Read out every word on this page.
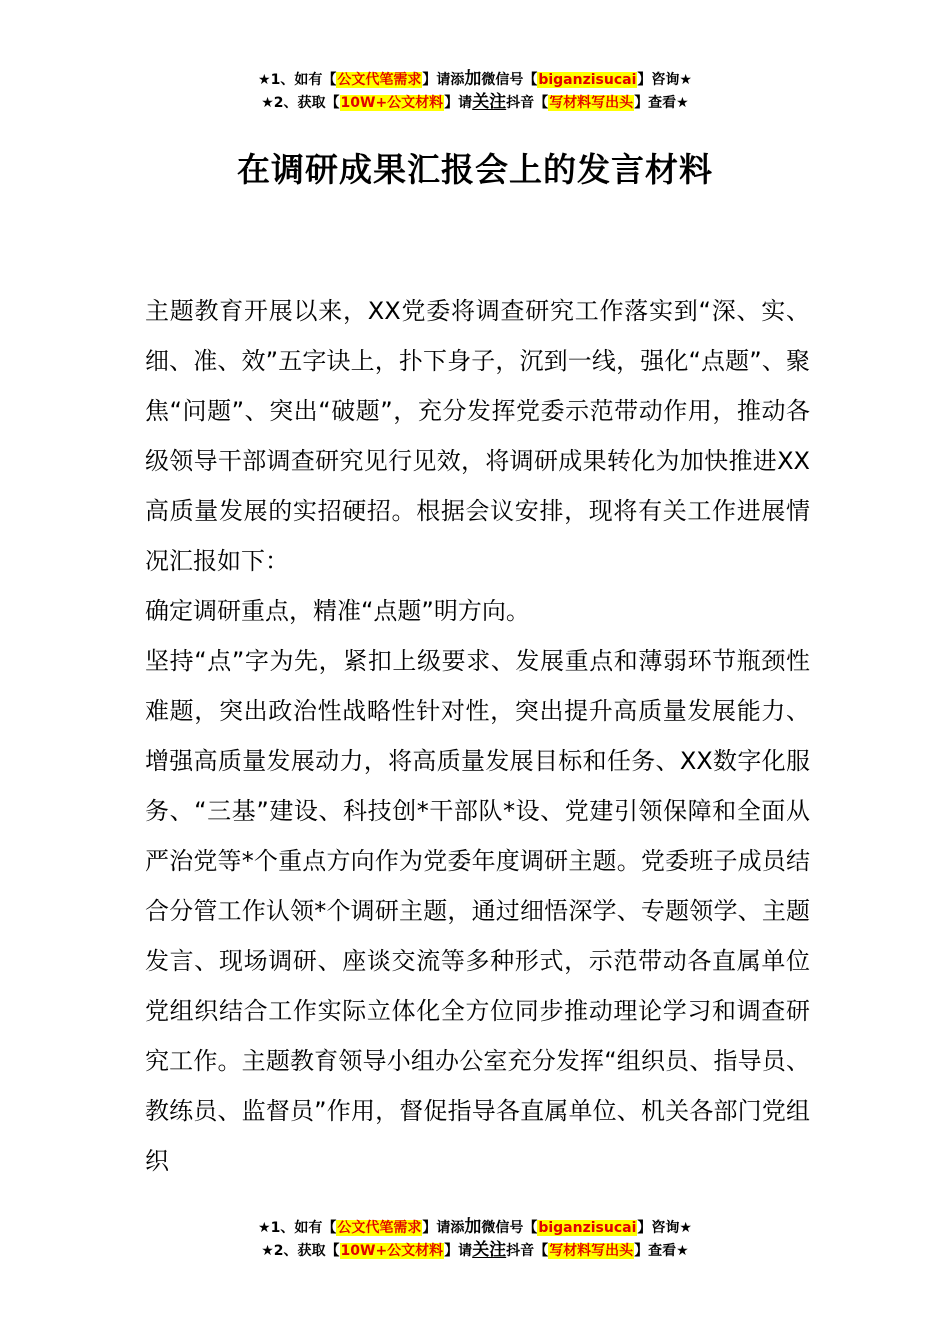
★1、如有【公文代笔需求】请添加微信号【biganzisucai】咨询★
★2、获取【10W+公文材料】请关注抖音【写材料写出头】查看★
在调研成果汇报会上的发言材料

主题教育开展以来，XX党委将调查研究工作落实到“深、实、细、准、效”五字诀上，扑下身子，沉到一线，强化“点题”、聚焦“问题”、突出“破题”，充分发挥党委示范带动作用，推动各级领导干部调查研究见行见效，将调研成果转化为加快推进XX高质量发展的实招硬招。根据会议安排，现将有关工作进展情况汇报如下：

确定调研重点，精准“点题”明方向。

坚持“点”字为先，紧扣上级要求、发展重点和薄弱环节瓶颈性难题，突出政治性战略性针对性，突出提升高质量发展能力、增强高质量发展动力，将高质量发展目标和任务、XX数字化服务、“三基”建设、科技创*干部队*设、党建引领保障和全面从严治党等*个重点方向作为党委年度调研主题。党委班子成员结合分管工作认领*个调研主题，通过细悟深学、专题领学、主题发言、现场调研、座谈交流等多种形式，示范带动各直属单位党组织结合工作实际立体化全方位同步推动理论学习和调查研究工作。主题教育领导小组办公室充分发挥“组织员、指导员、教练员、监督员”作用，督促指导各直属单位、机关各部门党组织

★1、如有【公文代笔需求】请添加微信号【biganzisucai】咨询★
★2、获取【10W+公文材料】请关注抖音【写材料写出头】查看★
